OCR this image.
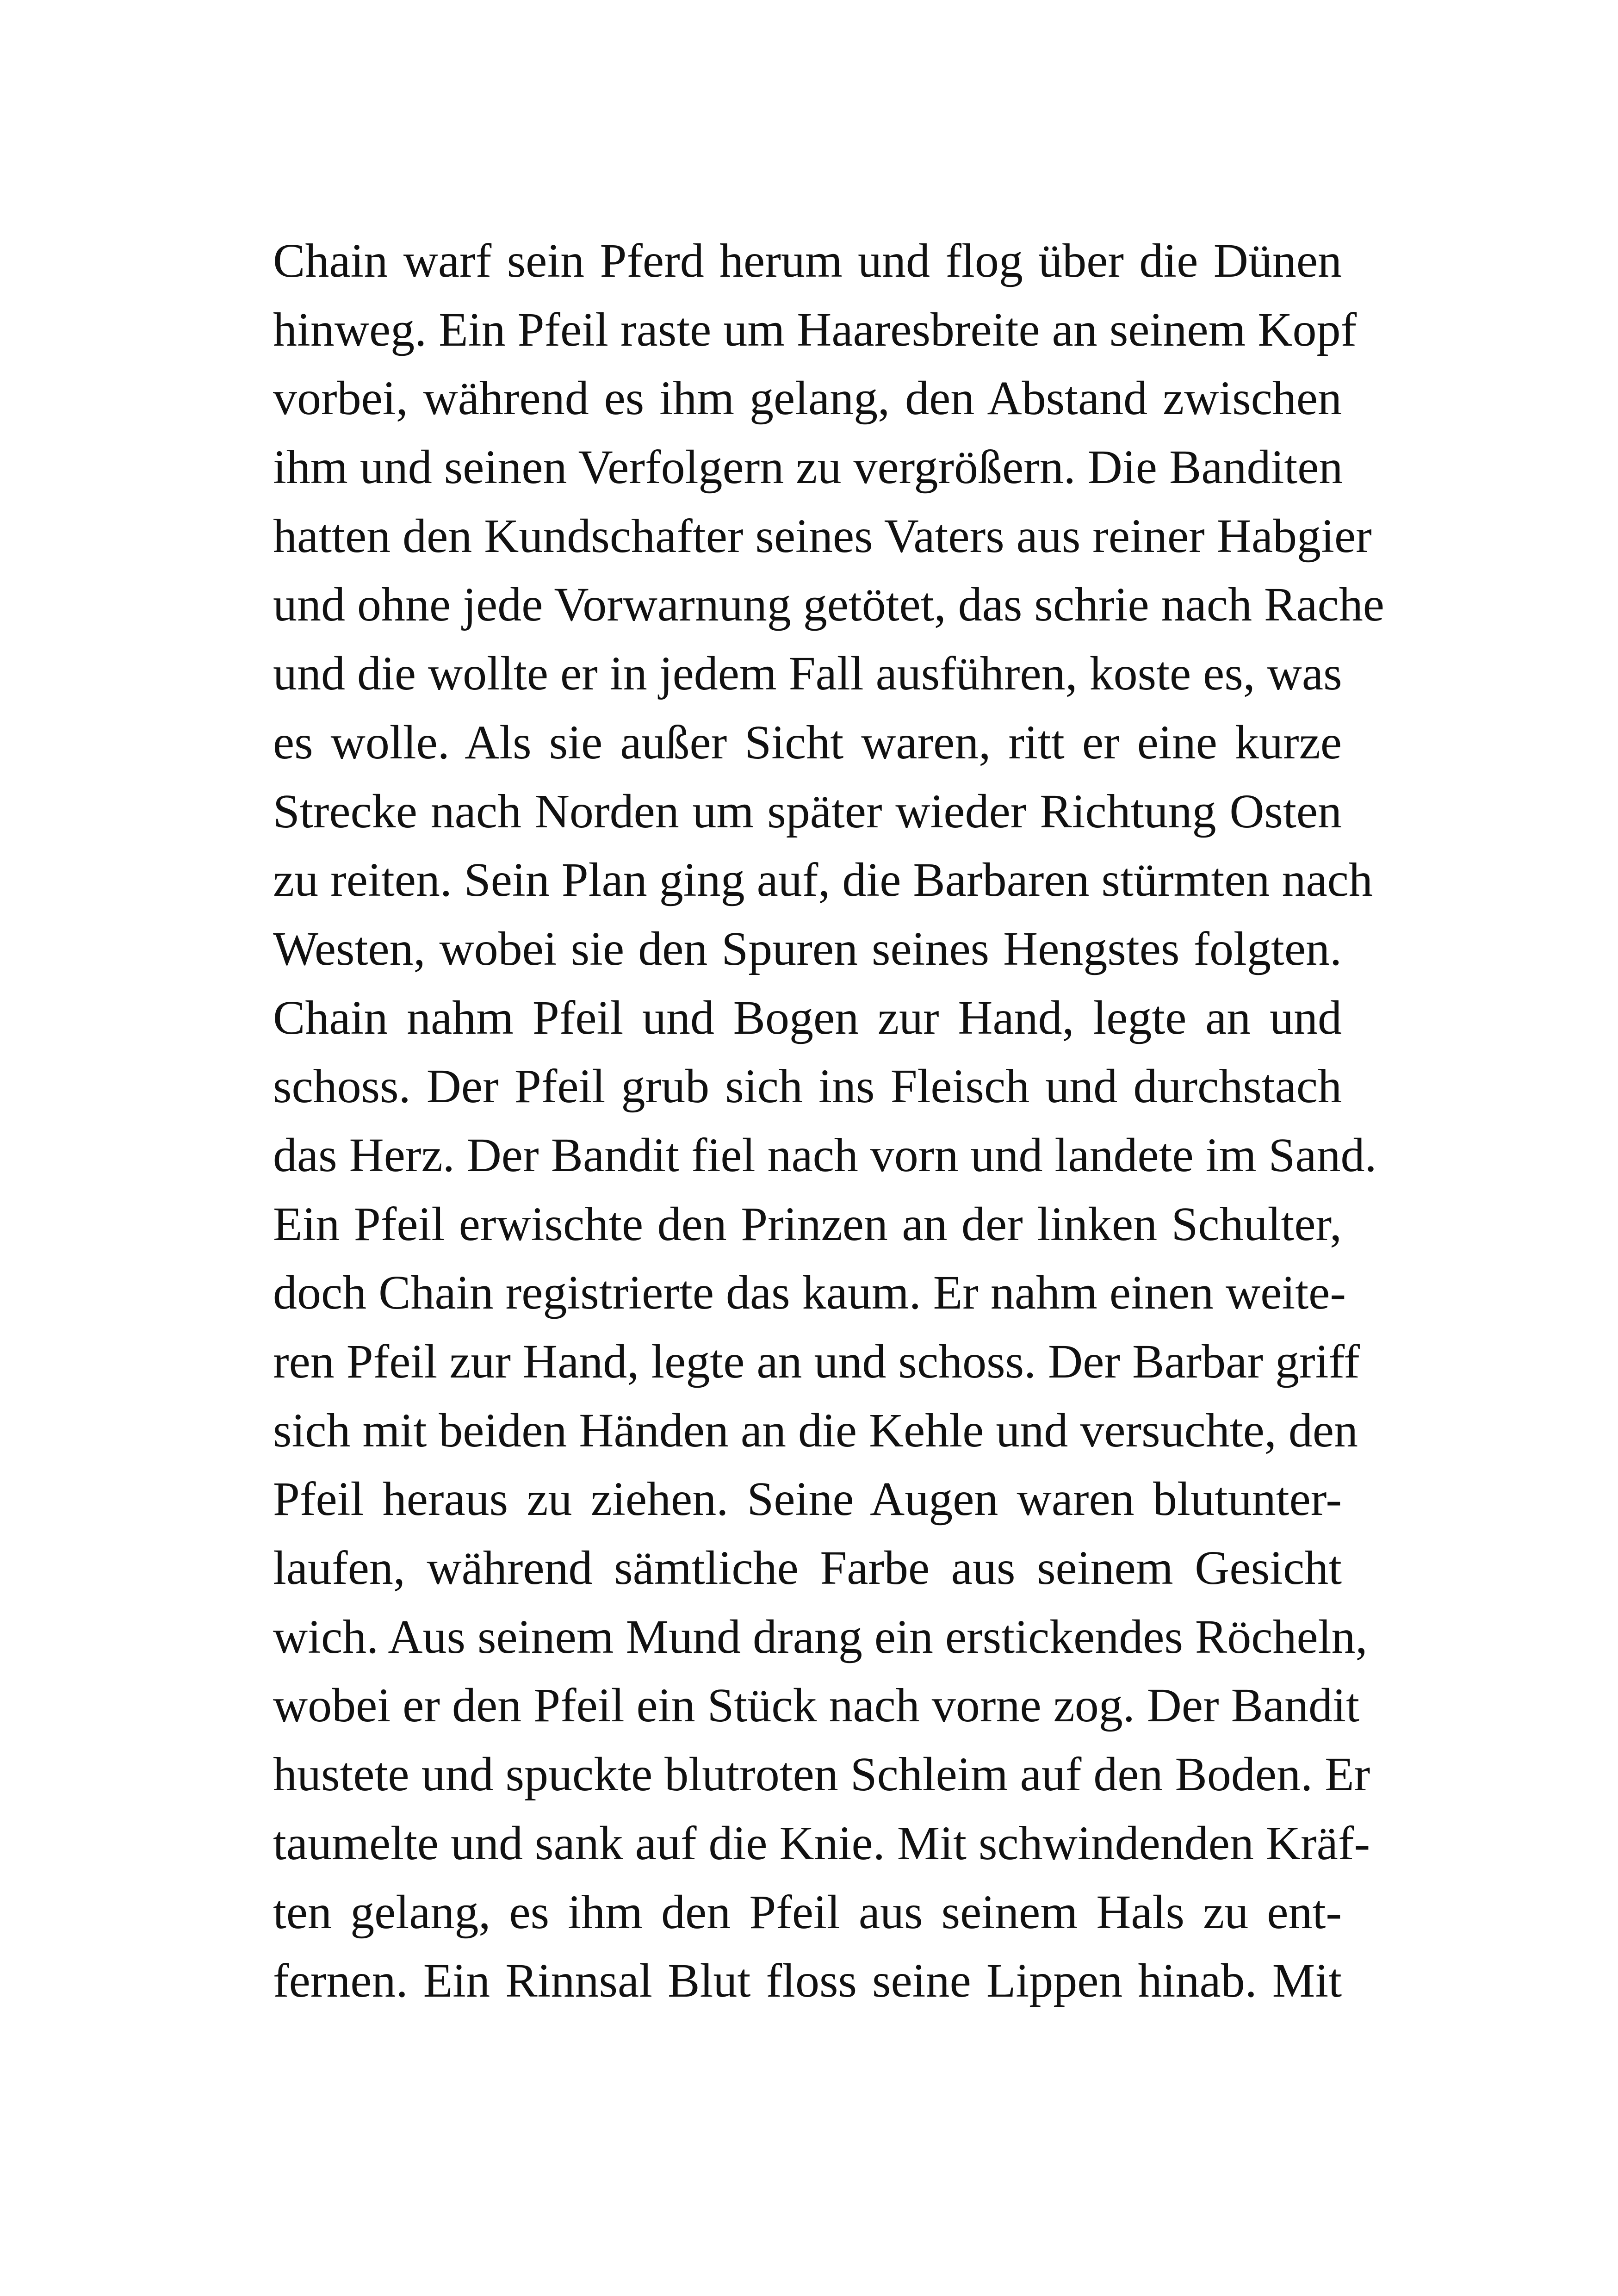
Chain warf sein Pferd herum und flog über die Dünen
hinweg. Ein Pfeil raste um Haaresbreite an seinem Kopf
vorbei, während es ihm gelang, den Abstand zwischen
ihm und seinen Verfolgern zu vergrößern. Die Banditen
hatten den Kundschafter seines Vaters aus reiner Habgier
und ohne jede Vorwarnung getötet, das schrie nach Rache
und die wollte er in jedem Fall ausführen, koste es, was
es wolle. Als sie außer Sicht waren, ritt er eine kurze
Strecke nach Norden um später wieder Richtung Osten
zu reiten. Sein Plan ging auf, die Barbaren stürmten nach
Westen, wobei sie den Spuren seines Hengstes folgten.
Chain nahm Pfeil und Bogen zur Hand, legte an und
schoss. Der Pfeil grub sich ins Fleisch und durchstach
das Herz. Der Bandit fiel nach vorn und landete im Sand.
Ein Pfeil erwischte den Prinzen an der linken Schulter,
doch Chain registrierte das kaum. Er nahm einen weite-
ren Pfeil zur Hand, legte an und schoss. Der Barbar griff
sich mit beiden Händen an die Kehle und versuchte, den
Pfeil heraus zu ziehen. Seine Augen waren blutunter-
laufen, während sämtliche Farbe aus seinem Gesicht
wich. Aus seinem Mund drang ein erstickendes Röcheln,
wobei er den Pfeil ein Stück nach vorne zog. Der Bandit
hustete und spuckte blutroten Schleim auf den Boden. Er
taumelte und sank auf die Knie. Mit schwindenden Kräf-
ten gelang, es ihm den Pfeil aus seinem Hals zu ent-
fernen. Ein Rinnsal Blut floss seine Lippen hinab. Mit
